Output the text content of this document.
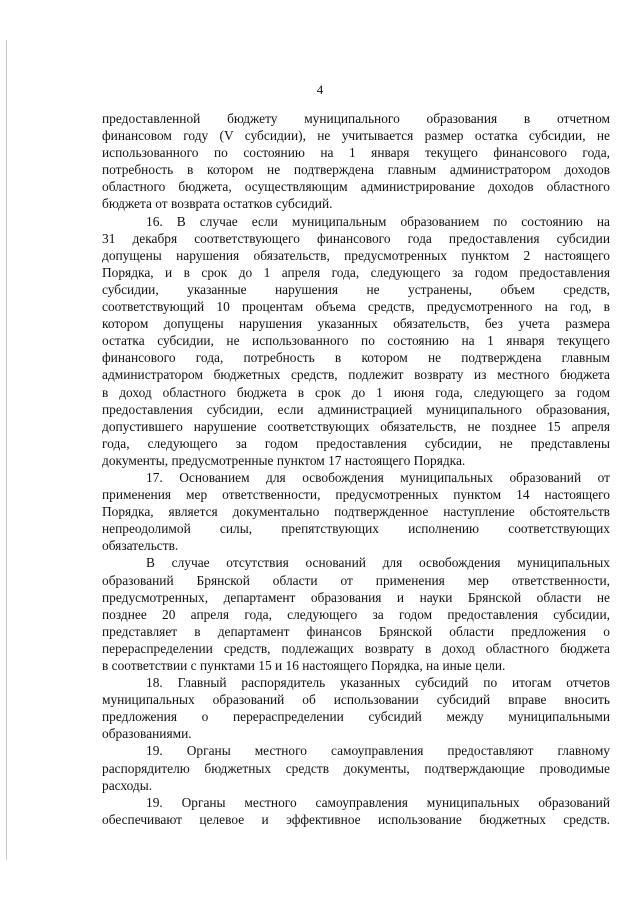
4
предоставленной бюджету муниципального образования в отчетном
финансовом году (V субсидии), не учитывается размер остатка субсидии, не
использованного по состоянию на 1 января текущего финансового года,
потребность в котором не подтверждена главным администратором доходов
областного бюджета, осуществляющим администрирование доходов областного
бюджета от возврата остатков субсидий.
16. В случае если муниципальным образованием по состоянию на
31 декабря соответствующего финансового года предоставления субсидии
допущены нарушения обязательств, предусмотренных пунктом 2 настоящего
Порядка, и в срок до 1 апреля года, следующего за годом предоставления
субсидии, указанные нарушения не устранены, объем средств,
соответствующий 10 процентам объема средств, предусмотренного на год, в
котором допущены нарушения указанных обязательств, без учета размера
остатка субсидии, не использованного по состоянию на 1 января текущего
финансового года, потребность в котором не подтверждена главным
администратором бюджетных средств, подлежит возврату из местного бюджета
в доход областного бюджета в срок до 1 июня года, следующего за годом
предоставления субсидии, если администрацией муниципального образования,
допустившего нарушение соответствующих обязательств, не позднее 15 апреля
года, следующего за годом предоставления субсидии, не представлены
документы, предусмотренные пунктом 17 настоящего Порядка.
17. Основанием для освобождения муниципальных образований от
применения мер ответственности, предусмотренных пунктом 14 настоящего
Порядка, является документально подтвержденное наступление обстоятельств
непреодолимой силы, препятствующих исполнению соответствующих
обязательств.
В случае отсутствия оснований для освобождения муниципальных
образований Брянской области от применения мер ответственности,
предусмотренных, департамент образования и науки Брянской области не
позднее 20 апреля года, следующего за годом предоставления субсидии,
представляет в департамент финансов Брянской области предложения о
перераспределении средств, подлежащих возврату в доход областного бюджета
в соответствии с пунктами 15 и 16 настоящего Порядка, на иные цели.
18. Главный распорядитель указанных субсидий по итогам отчетов
муниципальных образований об использовании субсидий вправе вносить
предложения о перераспределении субсидий между муниципальными
образованиями.
19. Органы местного самоуправления предоставляют главному
распорядителю бюджетных средств документы, подтверждающие проводимые
расходы.
19. Органы местного самоуправления муниципальных образований
обеспечивают целевое и эффективное использование бюджетных средств.
